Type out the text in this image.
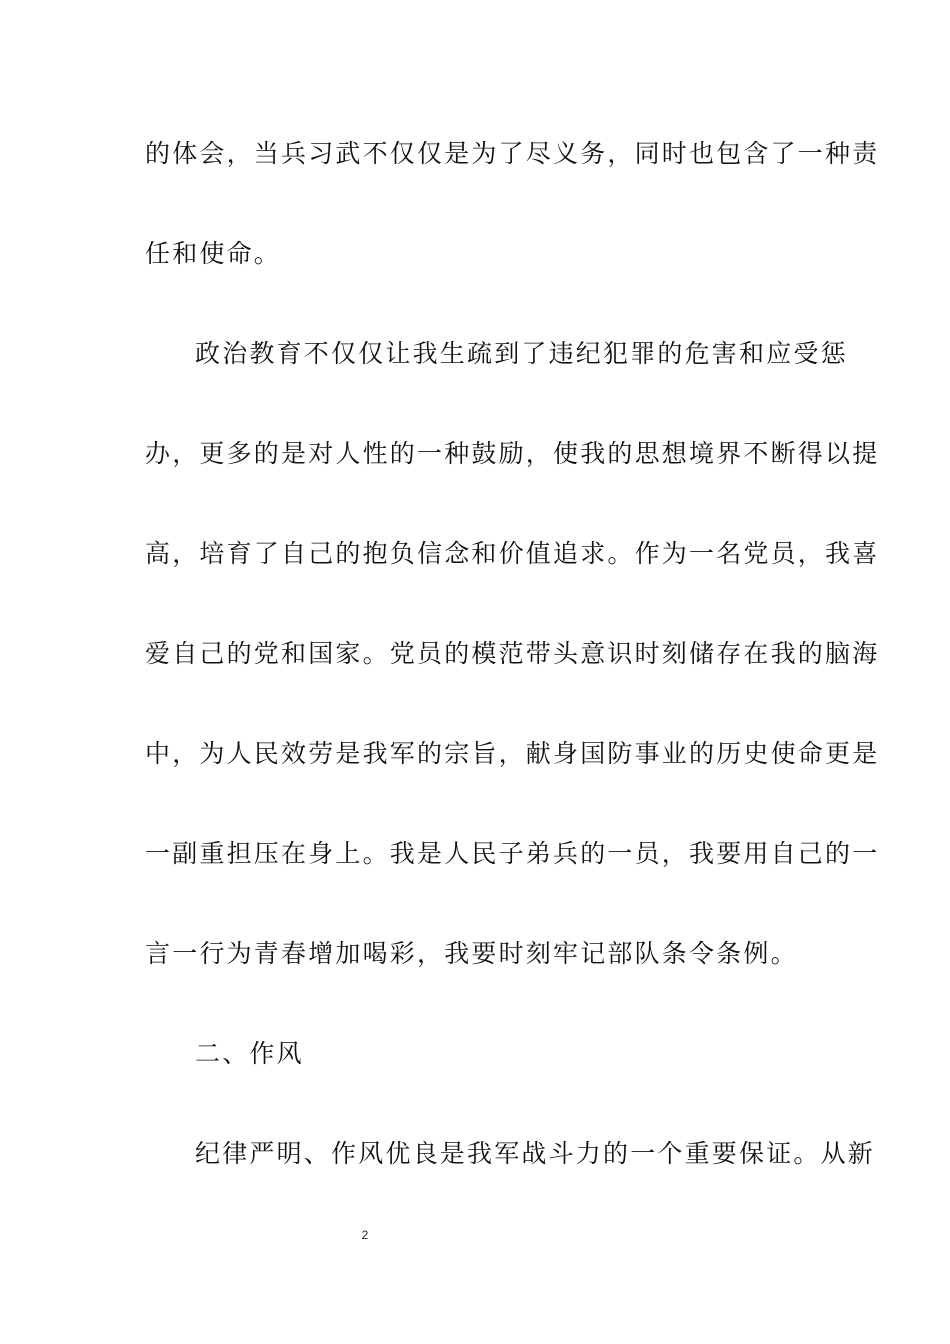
的体会，当兵习武不仅仅是为了尽义务，同时也包含了一种责
任和使命。
政治教育不仅仅让我生疏到了违纪犯罪的危害和应受惩
办，更多的是对人性的一种鼓励，使我的思想境界不断得以提
高，培育了自己的抱负信念和价值追求。作为一名党员，我喜
爱自己的党和国家。党员的模范带头意识时刻储存在我的脑海
中，为人民效劳是我军的宗旨，献身国防事业的历史使命更是
一副重担压在身上。我是人民子弟兵的一员，我要用自己的一
言一行为青春增加喝彩，我要时刻牢记部队条令条例。
二、作风
纪律严明、作风优良是我军战斗力的一个重要保证。从新
2
